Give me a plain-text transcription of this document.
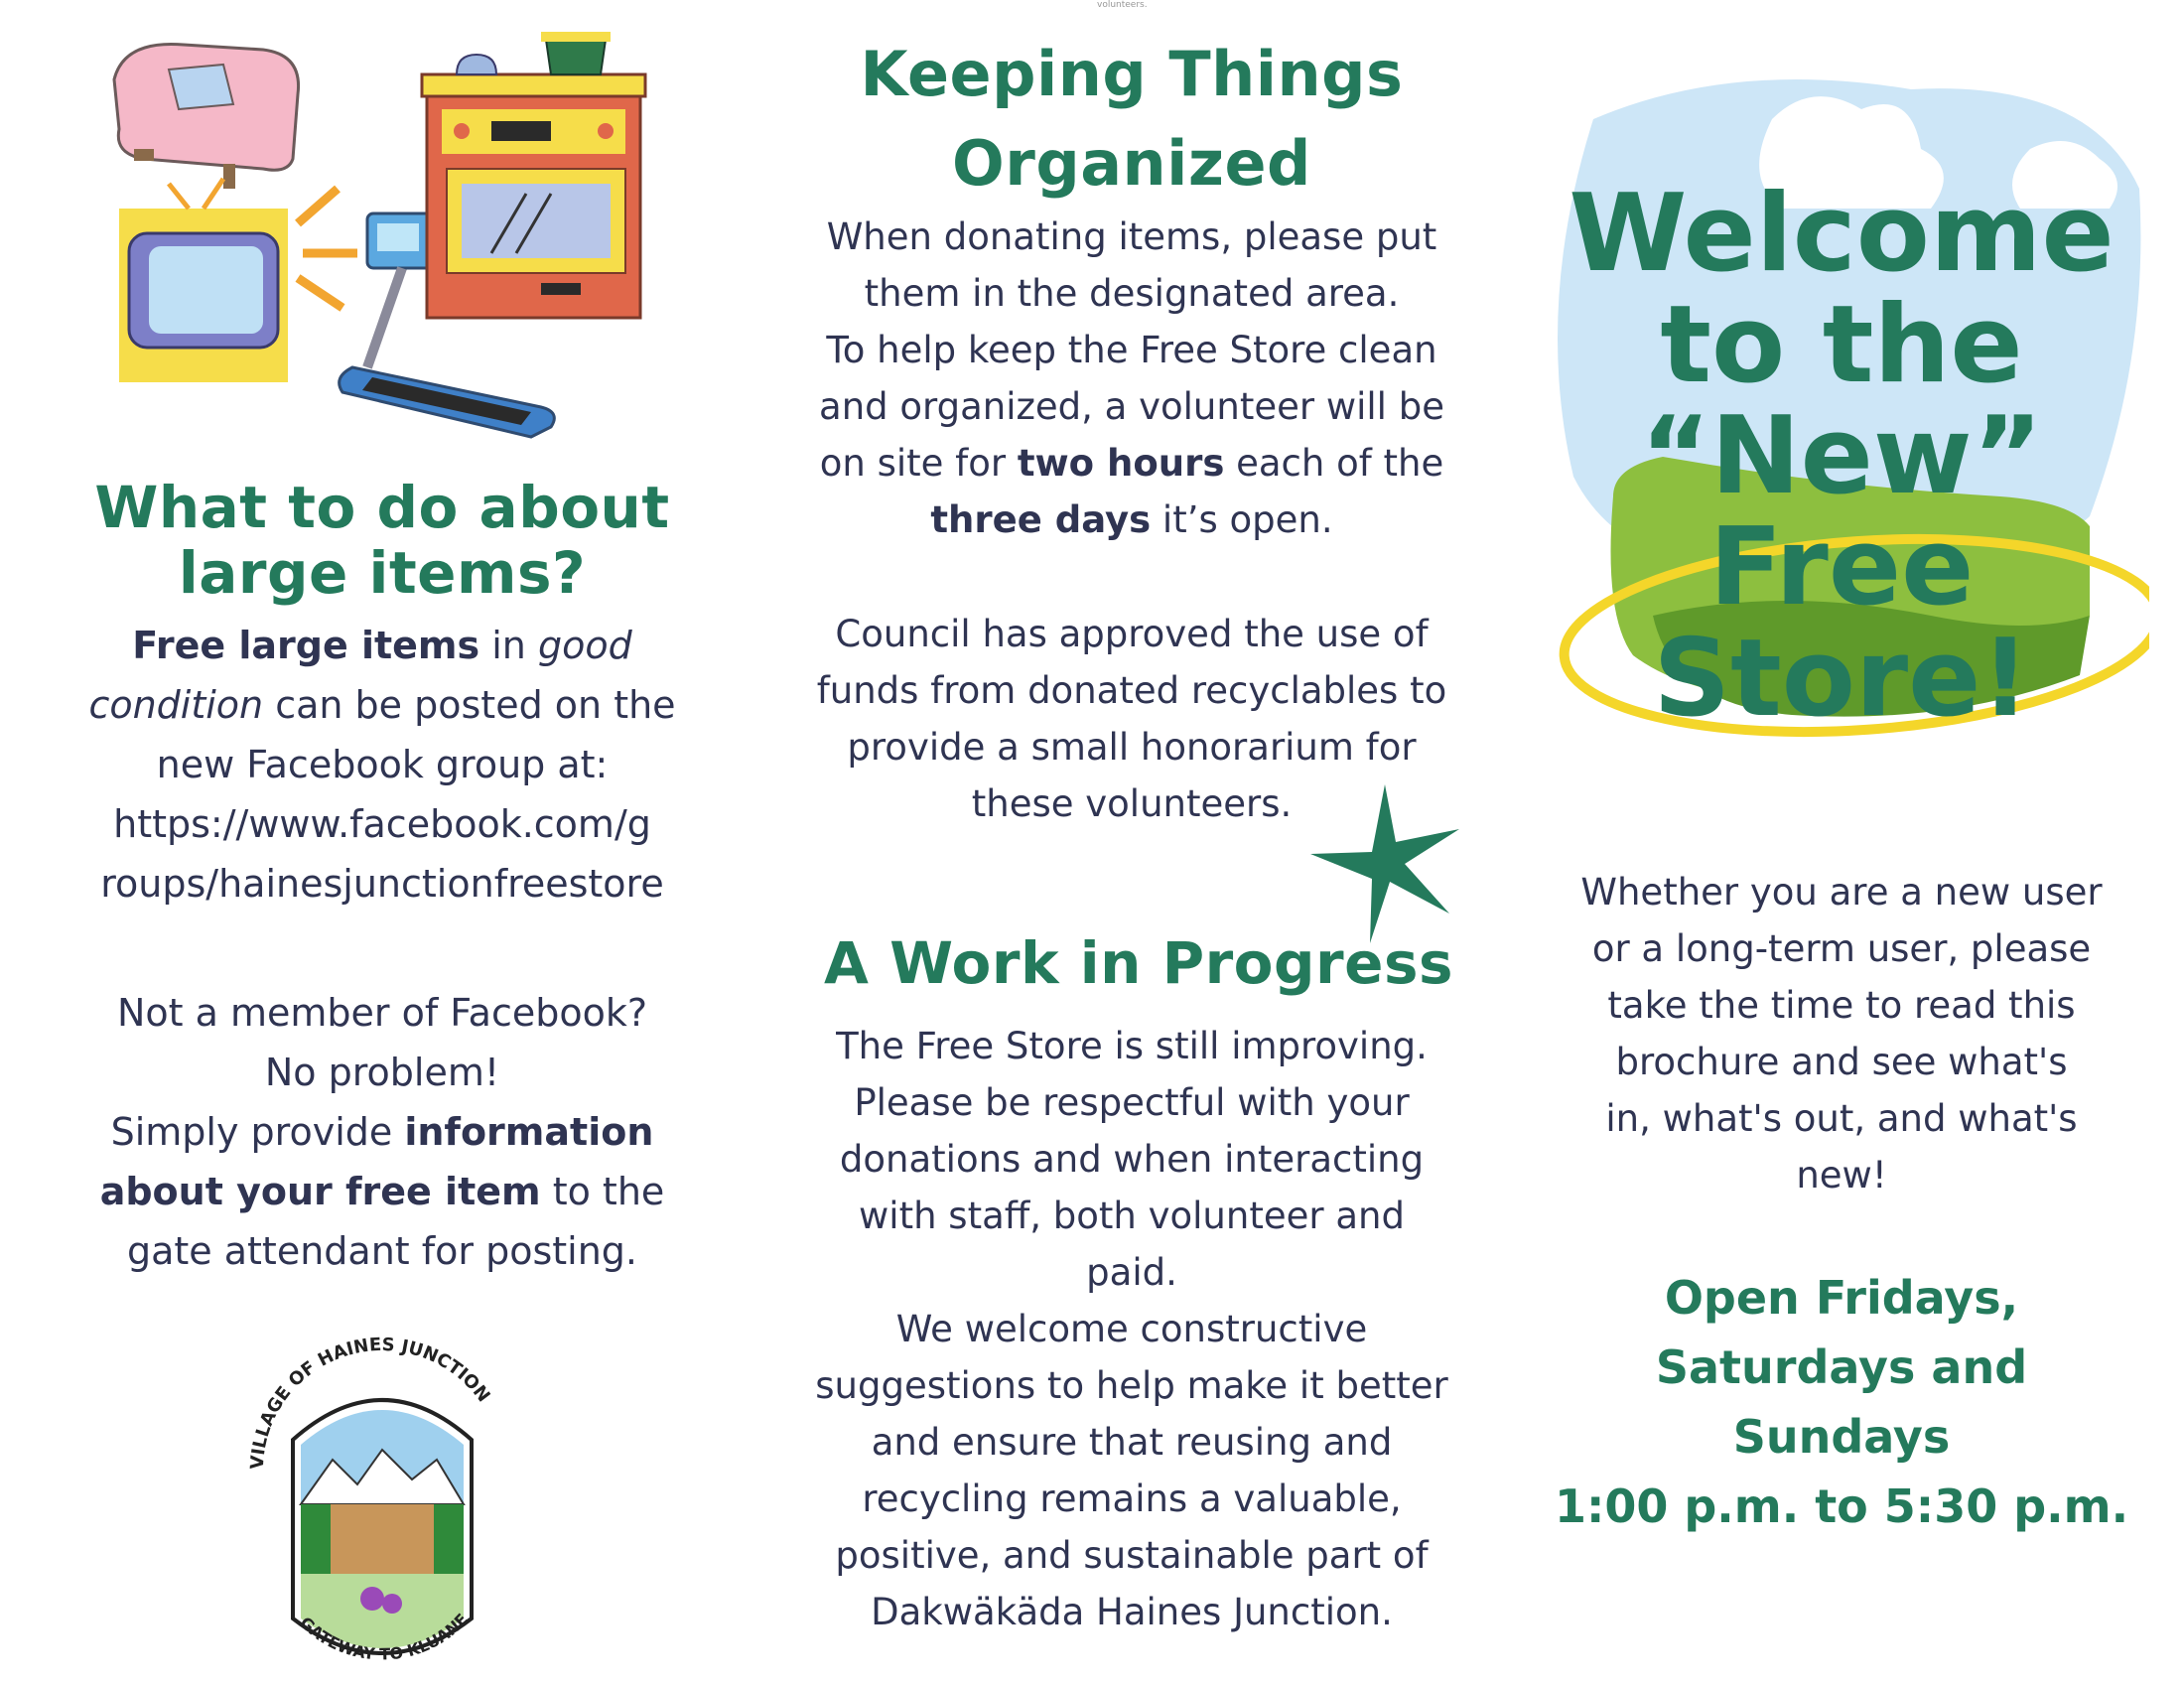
volunteers.
What to do about large items?
Free large items in good condition can be posted on the new Facebook group at:
https://www.facebook.com/g
roups/hainesjunctionfreestore
Not a member of Facebook?
No problem!
Simply provide information
about your free item to the
gate attendant for posting.
VILLAGE OF HAINES JUNCTION
GATEWAY TO KLUANE
Keeping Things
Organized
When donating items, please put
them in the designated area.
To help keep the Free Store clean
and organized, a volunteer will be
on site for two hours each of the
three days it’s open.
Council has approved the use of
funds from donated recyclables to
provide a small honorarium for
these volunteers.
A Work in Progress
The Free Store is still improving.
Please be respectful with your
donations and when interacting
with staff, both volunteer and
paid.
We welcome constructive
suggestions to help make it better
and ensure that reusing and
recycling remains a valuable,
positive, and sustainable part of
Dakwäkäda Haines Junction.
Welcome
to the
“New”
Free
Store!
Whether you are a new user
or a long-term user, please
take the time to read this
brochure and see what's
in, what's out, and what's
new!
Open Fridays,
Saturdays and
Sundays
1:00 p.m. to 5:30 p.m.
